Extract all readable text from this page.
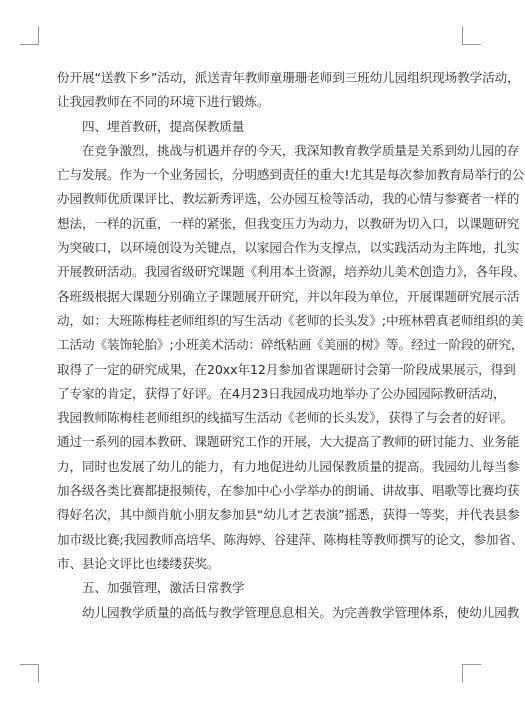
份开展“送教下乡”活动，派送青年教师童珊珊老师到三班幼儿园组织现场教学活动，
让我园教师在不同的环境下进行锻炼。
　　四、埋首教研，提高保教质量
　　在竞争激烈，挑战与机遇并存的今天，我深知教育教学质量是关系到幼儿园的存
亡与发展。作为一个业务园长，分明感到责任的重大!尤其是每次参加教育局举行的公
办园教师优质课评比、教坛新秀评选，公办园互检等活动，我的心情与参赛者一样的
想法，一样的沉重，一样的紧张，但我变压力为动力，以教研为切入口，以课题研究
为突破口，以环境创设为关键点，以家园合作为支撑点，以实践活动为主阵地，扎实
开展教研活动。我园省级研究课题《利用本土资源，培养幼儿美术创造力》，各年段、
各班级根据大课题分别确立子课题展开研究，并以年段为单位，开展课题研究展示活
动，如：大班陈梅桂老师组织的写生活动《老师的长头发》;中班林碧真老师组织的美
工活动《装饰轮胎》;小班美术活动：碎纸粘画《美丽的树》等。经过一阶段的研究，
取得了一定的研究成果，在20xx年12月参加省课题研讨会第一阶段成果展示，得到
了专家的肯定，获得了好评。在4月23日我园成功地举办了公办园园际教研活动，
我园教师陈梅桂老师组织的线描写生活动《老师的长头发》，获得了与会者的好评。
通过一系列的园本教研、课题研究工作的开展，大大提高了教师的研讨能力、业务能
力，同时也发展了幼儿的能力，有力地促进幼儿园保教质量的提高。我园幼儿每当参
加各级各类比赛都捷报频传，在参加中心小学举办的朗诵、讲故事、唱歌等比赛均获
得好名次，其中颜肖航小朋友参加县“幼儿才艺表演”摇悉，获得一等奖，并代表县参
加市级比赛;我园教师高培华、陈海婷、谷建萍、陈梅桂等教师撰写的论文，参加省、
市、县论文评比也缕缕获奖。
　　五、加强管理，激活日常教学
　　幼儿园教学质量的高低与教学管理息息相关。为完善教学管理体系，使幼儿园教
